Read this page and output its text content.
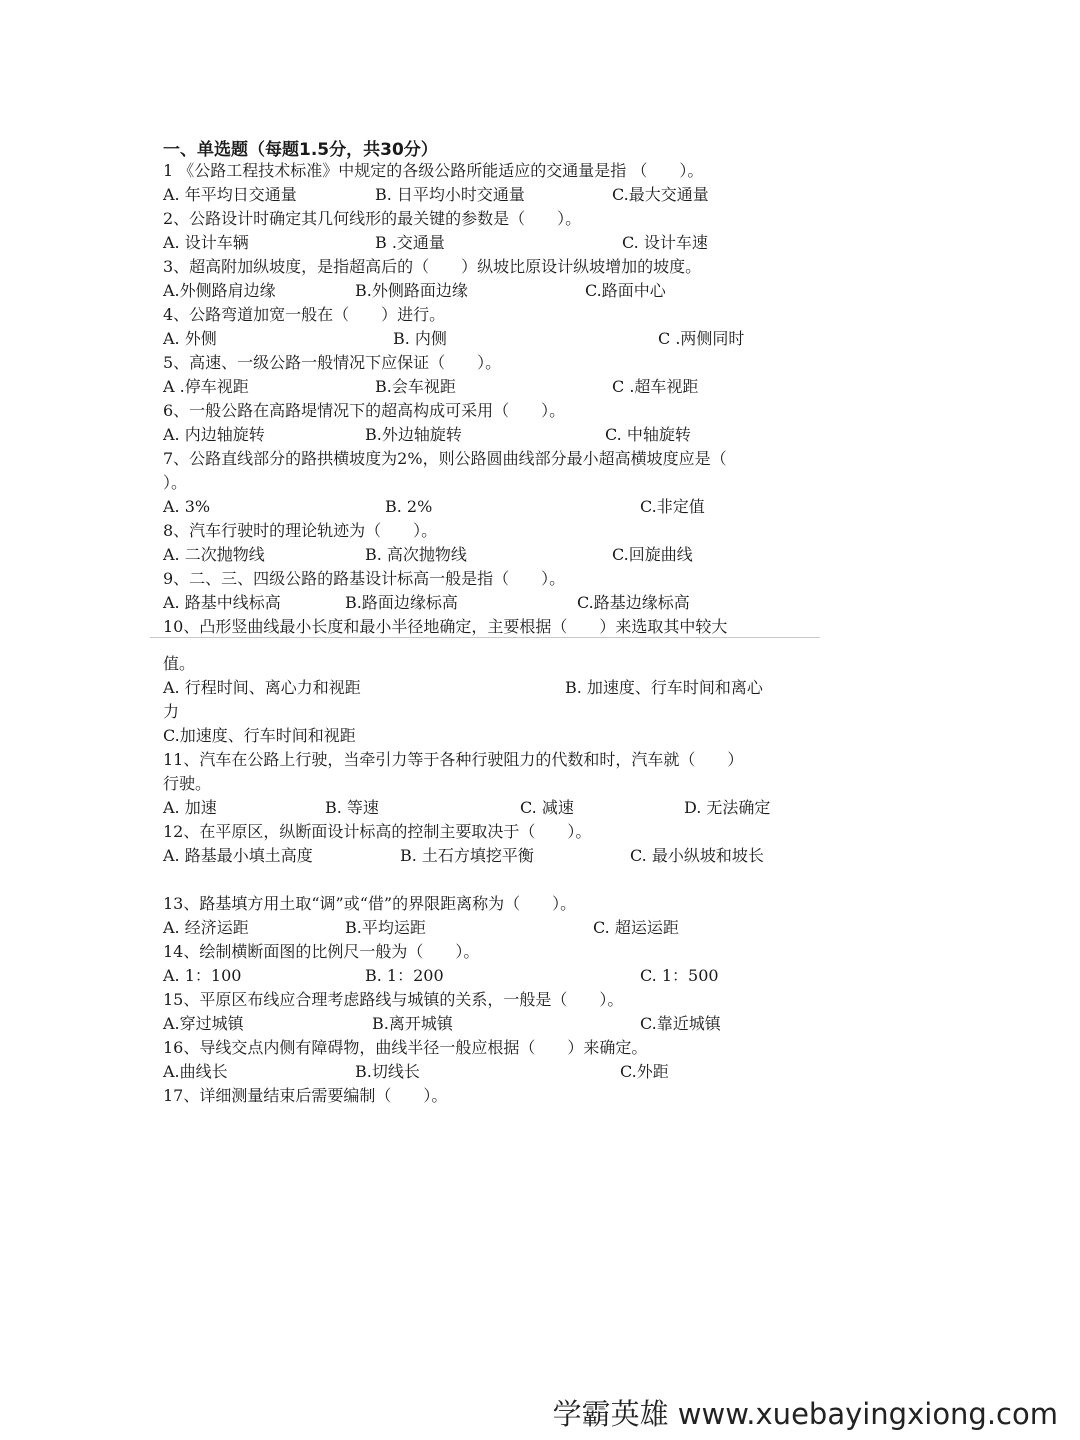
一、单选题（每题1.5分，共30分）
1 《公路工程技术标准》中规定的各级公路所能适应的交通量是指 （　　）。
A. 年平均日交通量	B. 日平均小时交通量	C.最大交通量
2、公路设计时确定其几何线形的最关键的参数是（　　）。
A. 设计车辆	B .交通量	C. 设计车速
3、超高附加纵坡度，是指超高后的（　　）纵坡比原设计纵坡增加的坡度。
A.外侧路肩边缘	B.外侧路面边缘	C.路面中心
4、公路弯道加宽一般在（　　）进行。
A. 外侧	B. 内侧	C .两侧同时
5、高速、一级公路一般情况下应保证（　　）。
A .停车视距	B.会车视距	C .超车视距
6、一般公路在高路堤情况下的超高构成可采用（　　）。
A. 内边轴旋转	B.外边轴旋转	C. 中轴旋转
7、公路直线部分的路拱横坡度为2%，则公路圆曲线部分最小超高横坡度应是（
）。
A. 3%	B. 2%	C.非定值
8、汽车行驶时的理论轨迹为（　　）。
A. 二次抛物线	B. 高次抛物线	C.回旋曲线
9、二、三、四级公路的路基设计标高一般是指（　　）。
A. 路基中线标高	B.路面边缘标高	C.路基边缘标高
10、凸形竖曲线最小长度和最小半径地确定，主要根据（　　）来选取其中较大
值。
A. 行程时间、离心力和视距	B. 加速度、行车时间和离心
力
C.加速度、行车时间和视距
11、汽车在公路上行驶，当牵引力等于各种行驶阻力的代数和时，汽车就（　　）
行驶。
A. 加速	B. 等速	C. 减速	D. 无法确定
12、在平原区，纵断面设计标高的控制主要取决于（　　）。
A. 路基最小填土高度	B. 土石方填挖平衡	C. 最小纵坡和坡长
13、路基填方用土取“调”或“借”的界限距离称为（　　）。
A. 经济运距	B.平均运距	C. 超运运距
14、绘制横断面图的比例尺一般为（　　）。
A. 1：100	B. 1：200	C. 1：500
15、平原区布线应合理考虑路线与城镇的关系，一般是（　　）。
A.穿过城镇	B.离开城镇	C.靠近城镇
16、导线交点内侧有障碍物，曲线半径一般应根据（　　）来确定。
A.曲线长	B.切线长	C.外距
17、详细测量结束后需要编制（　　）。
学霸英雄 www.xuebayingxiong.com
